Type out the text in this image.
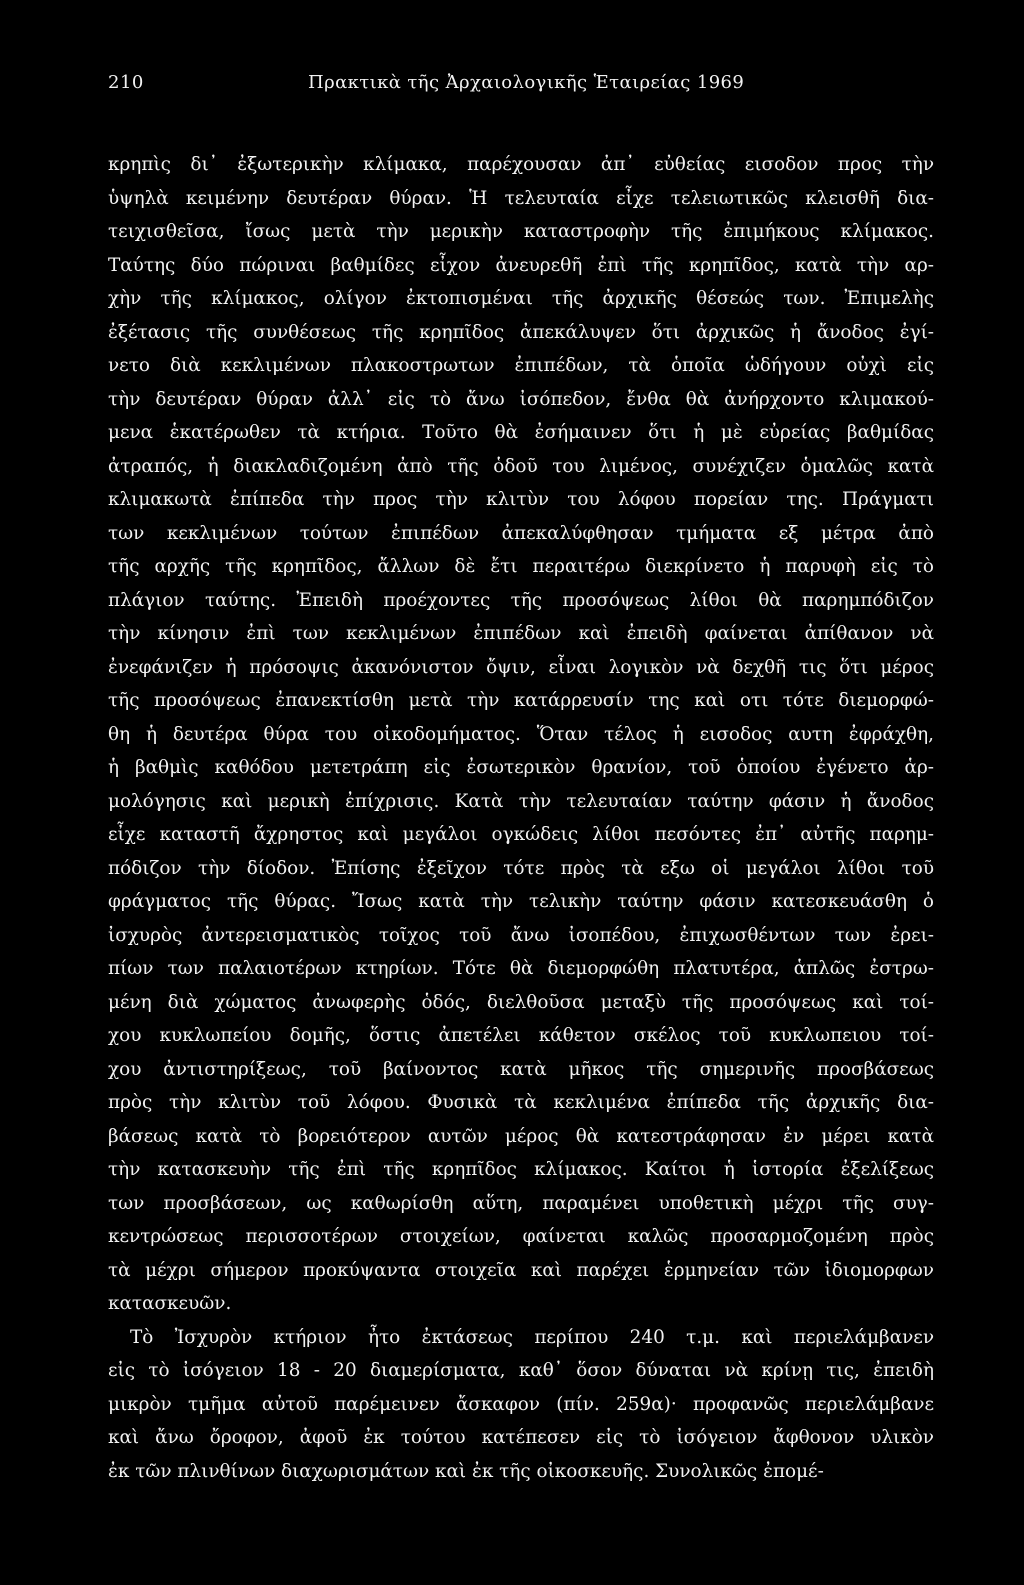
210	Πρακτικὰ τῆς Ἀρχαιολογικῆς Ἑταιρείας 1969
κρηπὶς δι᾽ ἐξωτερικὴν κλίμακα, παρέχουσαν ἀπ᾽ εὐθείας εισοδον προς τὴν
ὑψηλὰ κειμένην δευτέραν θύραν. Ἡ τελευταία εἶχε τελειωτικῶς κλεισθῆ δια-
τειχισθεῖσα, ἴσως μετὰ τὴν μερικὴν καταστροφὴν τῆς ἐπιμήκους κλίμακος.
Ταύτης δύο πώριναι βαθμίδες εἶχον ἀνευρεθῆ ἐπὶ τῆς κρηπῖδος, κατὰ τὴν αρ-
χὴν τῆς κλίμακος, ολίγον ἐκτοπισμέναι τῆς ἀρχικῆς θέσεώς των. Ἐπιμελὴς
ἐξέτασις τῆς συνθέσεως τῆς κρηπῖδος ἀπεκάλυψεν ὅτι ἀρχικῶς ἡ ἄνοδος ἐγί-
νετο διὰ κεκλιμένων πλακοστρωτων ἐπιπέδων, τὰ ὁποῖα ὡδήγουν οὐχὶ εἰς
τὴν δευτέραν θύραν ἀλλ᾽ εἰς τὸ ἄνω ἰσόπεδον, ἔνθα θὰ ἀνήρχοντο κλιμακού-
μενα ἑκατέρωθεν τὰ κτήρια. Τοῦτο θὰ ἐσήμαινεν ὅτι ἡ μὲ εὐρείας βαθμίδας
ἀτραπός, ἡ διακλαδιζομένη ἀπὸ τῆς ὁδοῦ του λιμένος, συνέχιζεν ὁμαλῶς κατὰ
κλιμακωτὰ ἐπίπεδα τὴν προς τὴν κλιτὺν του λόφου πορείαν της. Πράγματι
των κεκλιμένων τούτων ἐπιπέδων ἀπεκαλύφθησαν τμήματα εξ μέτρα ἀπὸ
τῆς αρχῆς τῆς κρηπῖδος, ἄλλων δὲ ἔτι περαιτέρω διεκρίνετο ἡ παρυφὴ εἰς τὸ
πλάγιον ταύτης. Ἐπειδὴ προέχοντες τῆς προσόψεως λίθοι θὰ παρημπόδιζον
τὴν κίνησιν ἐπὶ των κεκλιμένων ἐπιπέδων καὶ ἐπειδὴ φαίνεται ἀπίθανον νὰ
ἐνεφάνιζεν ἡ πρόσοψις ἀκανόνιστον ὄψιν, εἶναι λογικὸν νὰ δεχθῆ τις ὅτι μέρος
τῆς προσόψεως ἐπανεκτίσθη μετὰ τὴν κατάρρευσίν της καὶ οτι τότε διεμορφώ-
θη ἡ δευτέρα θύρα του οἰκοδομήματος. Ὅταν τέλος ἡ εισοδος αυτη ἐφράχθη,
ἡ βαθμὶς καθόδου μετετράπη εἰς ἐσωτερικὸν θρανίον, τοῦ ὁποίου ἐγένετο ἁρ-
μολόγησις καὶ μερικὴ ἐπίχρισις. Κατὰ τὴν τελευταίαν ταύτην φάσιν ἡ ἄνοδος
εἶχε καταστῆ ἄχρηστος καὶ μεγάλοι ογκώδεις λίθοι πεσόντες ἐπ᾽ αὐτῆς παρημ-
πόδιζον τὴν δίοδον. Ἐπίσης ἐξεῖχον τότε πρὸς τὰ εξω οἱ μεγάλοι λίθοι τοῦ
φράγματος τῆς θύρας. Ἴσως κατὰ τὴν τελικὴν ταύτην φάσιν κατεσκευάσθη ὁ
ἰσχυρὸς ἀντερεισματικὸς τοῖχος τοῦ ἄνω ἰσοπέδου, ἐπιχωσθέντων των ἐρει-
πίων των παλαιοτέρων κτηρίων. Τότε θὰ διεμορφώθη πλατυτέρα, ἁπλῶς ἐστρω-
μένη διὰ χώματος ἀνωφερὴς ὁδός, διελθοῦσα μεταξὺ τῆς προσόψεως καὶ τοί-
χου κυκλωπείου δομῆς, ὅστις ἀπετέλει κάθετον σκέλος τοῦ κυκλωπειου τοί-
χου ἀντιστηρίξεως, τοῦ βαίνοντος κατὰ μῆκος τῆς σημερινῆς προσβάσεως
πρὸς τὴν κλιτὺν τοῦ λόφου. Φυσικὰ τὰ κεκλιμένα ἐπίπεδα τῆς ἀρχικῆς δια-
βάσεως κατὰ τὸ βορειότερον αυτῶν μέρος θὰ κατεστράφησαν ἐν μέρει κατὰ
τὴν κατασκευὴν τῆς ἐπὶ τῆς κρηπῖδος κλίμακος. Καίτοι ἡ ἱστορία ἐξελίξεως
των προσβάσεων, ως καθωρίσθη αὕτη, παραμένει υποθετικὴ μέχρι τῆς συγ-
κεντρώσεως περισσοτέρων στοιχείων, φαίνεται καλῶς προσαρμοζομένη πρὸς
τὰ μέχρι σήμερον προκύψαντα στοιχεῖα καὶ παρέχει ἑρμηνείαν τῶν ἰδιομορφων
κατασκευῶν.
Τὸ Ἰσχυρὸν κτήριον ἦτο ἐκτάσεως περίπου 240 τ.μ. καὶ περιελάμβανεν
εἰς τὸ ἰσόγειον 18 - 20 διαμερίσματα, καθ᾽ ὅσον δύναται νὰ κρίνῃ τις, ἐπειδὴ
μικρὸν τμῆμα αὐτοῦ παρέμεινεν ἄσκαφον (πίν. 259α)· προφανῶς περιελάμβανε
καὶ ἄνω ὄροφον, ἀφοῦ ἐκ τούτου κατέπεσεν εἰς τὸ ἰσόγειον ἄφθονον υλικὸν
ἐκ τῶν πλινθίνων διαχωρισμάτων καὶ ἐκ τῆς οἰκοσκευῆς. Συνολικῶς ἐπομέ-
